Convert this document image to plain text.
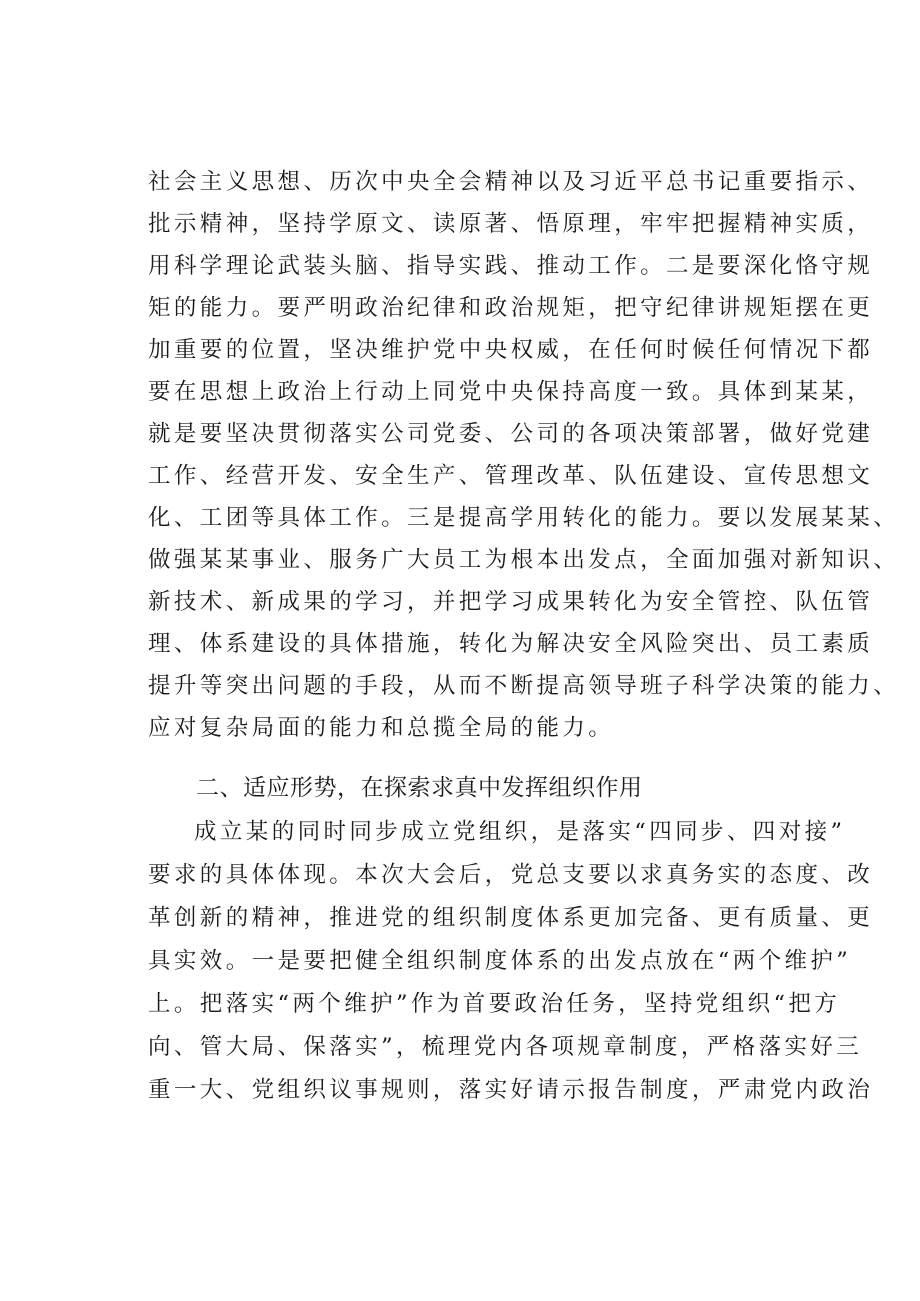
社会主义思想、历次中央全会精神以及习近平总书记重要指示、
批示精神，坚持学原文、读原著、悟原理，牢牢把握精神实质，
用科学理论武装头脑、指导实践、推动工作。二是要深化恪守规
矩的能力。要严明政治纪律和政治规矩，把守纪律讲规矩摆在更
加重要的位置，坚决维护党中央权威，在任何时候任何情况下都
要在思想上政治上行动上同党中央保持高度一致。具体到某某，
就是要坚决贯彻落实公司党委、公司的各项决策部署，做好党建
工作、经营开发、安全生产、管理改革、队伍建设、宣传思想文
化、工团等具体工作。三是提高学用转化的能力。要以发展某某、
做强某某事业、服务广大员工为根本出发点，全面加强对新知识、
新技术、新成果的学习，并把学习成果转化为安全管控、队伍管
理、体系建设的具体措施，转化为解决安全风险突出、员工素质
提升等突出问题的手段，从而不断提高领导班子科学决策的能力、
应对复杂局面的能力和总揽全局的能力。
二、适应形势，在探索求真中发挥组织作用
成立某的同时同步成立党组织，是落实“四同步、四对接”
要求的具体体现。本次大会后，党总支要以求真务实的态度、改
革创新的精神，推进党的组织制度体系更加完备、更有质量、更
具实效。一是要把健全组织制度体系的出发点放在“两个维护”
上。把落实“两个维护”作为首要政治任务，坚持党组织“把方
向、管大局、保落实”，梳理党内各项规章制度，严格落实好三
重一大、党组织议事规则，落实好请示报告制度，严肃党内政治
